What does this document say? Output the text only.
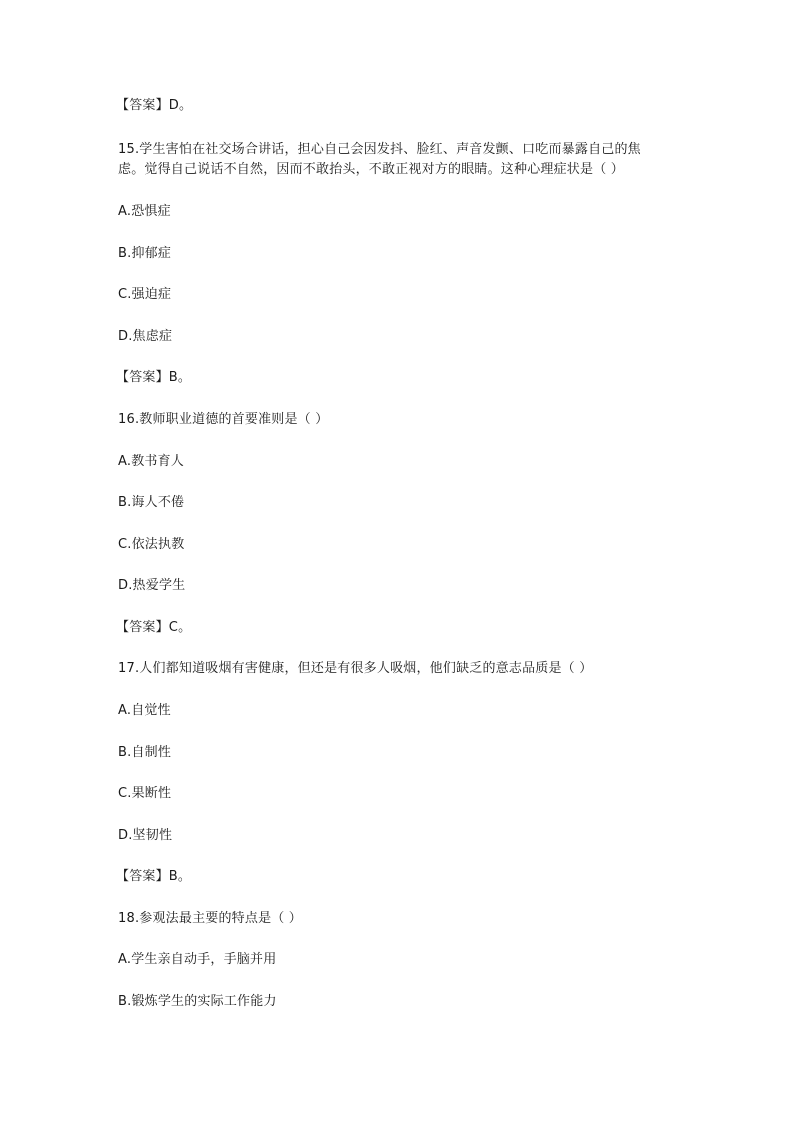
【答案】D。
15.学生害怕在社交场合讲话，担心自己会因发抖、脸红、声音发颤、口吃而暴露自己的焦
虑。觉得自己说话不自然，因而不敢抬头，不敢正视对方的眼睛。这种心理症状是（ ）
A.恐惧症
B.抑郁症
C.强迫症
D.焦虑症
【答案】B。
16.教师职业道德的首要准则是（ ）
A.教书育人
B.诲人不倦
C.依法执教
D.热爱学生
【答案】C。
17.人们都知道吸烟有害健康，但还是有很多人吸烟，他们缺乏的意志品质是（ ）
A.自觉性
B.自制性
C.果断性
D.坚韧性
【答案】B。
18.参观法最主要的特点是（ ）
A.学生亲自动手，手脑并用
B.锻炼学生的实际工作能力
